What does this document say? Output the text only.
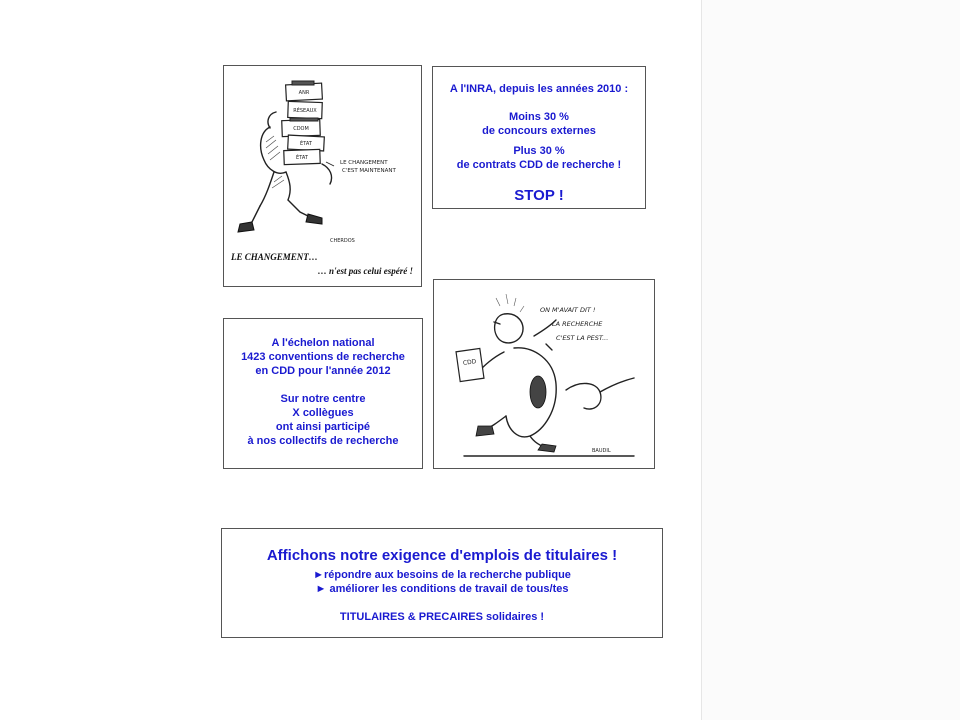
ANR
RÉSEAUX
CDOM
ÉTAT
ÉTAT
LE CHANGEMENT
C'EST MAINTENANT
CHERDOS
LE CHANGEMENT…
… n'est pas celui espéré !
A l'INRA, depuis les années 2010 :
Moins 30 %
de concours externes
Plus 30 %
de contrats CDD de recherche !
STOP !
A l'échelon national
1423 conventions de recherche
en CDD pour l'année 2012
Sur notre centre
X collègues
ont ainsi participé
à nos collectifs de recherche
CDD
ON M'AVAIT DIT !
LA RECHERCHE
C'EST LA PEST...
BAUDIL
Affichons notre exigence d'emplois de titulaires !
►répondre aux besoins de la recherche publique
► améliorer les conditions de travail de tous/tes
TITULAIRES & PRECAIRES solidaires !
